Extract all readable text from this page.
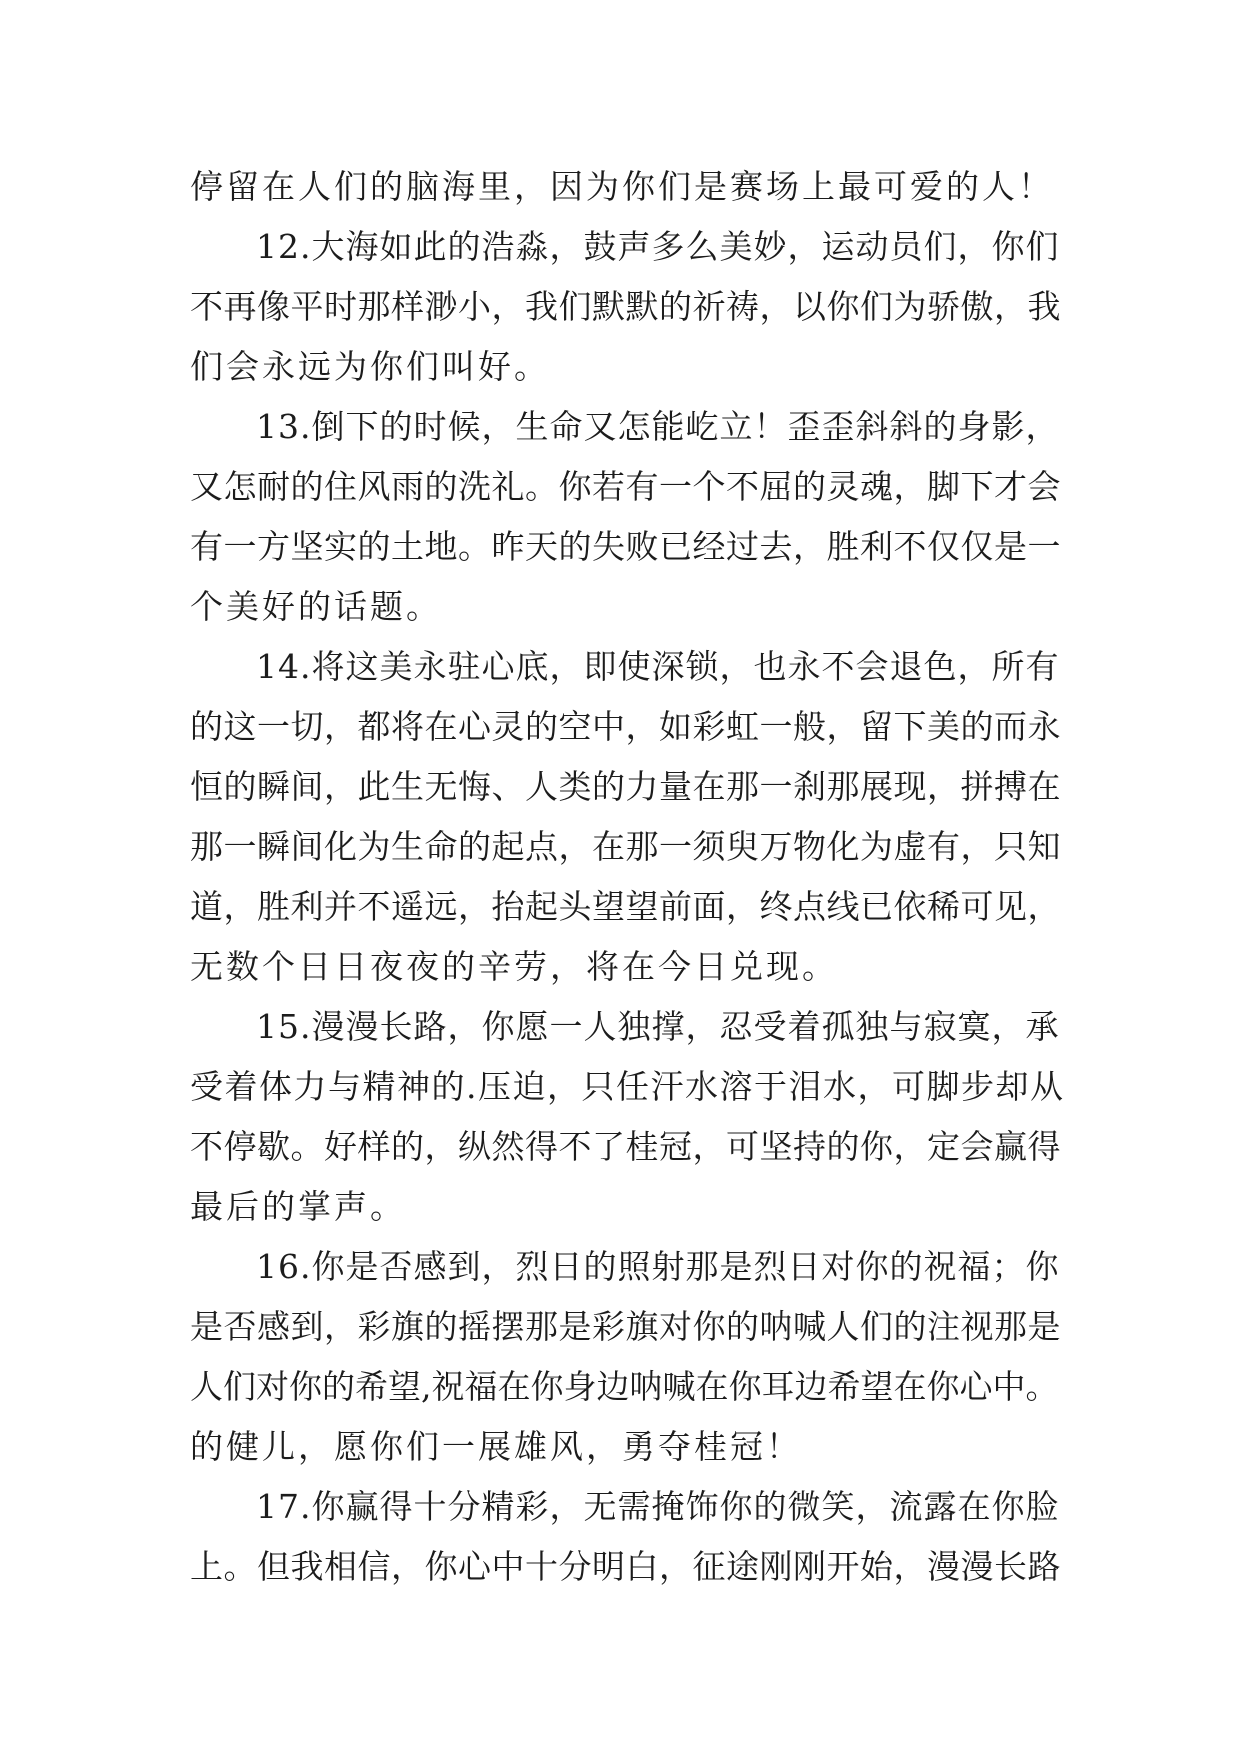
停留在人们的脑海里，因为你们是赛场上最可爱的人！
12.大海如此的浩淼，鼓声多么美妙，运动员们，你们
不再像平时那样渺小，我们默默的祈祷，以你们为骄傲，我
们会永远为你们叫好。
13.倒下的时候，生命又怎能屹立！歪歪斜斜的身影，
又怎耐的住风雨的洗礼。你若有一个不屈的灵魂，脚下才会
有一方坚实的土地。昨天的失败已经过去，胜利不仅仅是一
个美好的话题。
14.将这美永驻心底，即使深锁，也永不会退色，所有
的这一切，都将在心灵的空中，如彩虹一般，留下美的而永
恒的瞬间，此生无悔、人类的力量在那一刹那展现，拼搏在
那一瞬间化为生命的起点，在那一须臾万物化为虚有，只知
道，胜利并不遥远，抬起头望望前面，终点线已依稀可见，
无数个日日夜夜的辛劳，将在今日兑现。
15.漫漫长路，你愿一人独撑，忍受着孤独与寂寞，承
受着体力与精神的.压迫，只任汗水溶于泪水，可脚步却从
不停歇。好样的，纵然得不了桂冠，可坚持的你，定会赢得
最后的掌声。
16.你是否感到，烈日的照射那是烈日对你的祝福；你
是否感到，彩旗的摇摆那是彩旗对你的呐喊人们的注视那是
人们对你的希望,祝福在你身边呐喊在你耳边希望在你心中。
的健儿，愿你们一展雄风，勇夺桂冠！
17.你赢得十分精彩，无需掩饰你的微笑，流露在你脸
上。但我相信，你心中十分明白，征途刚刚开始，漫漫长路
